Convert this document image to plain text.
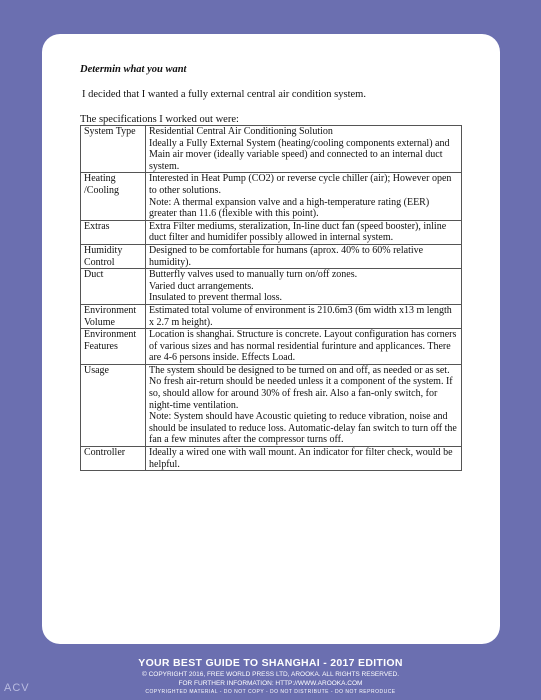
Determin what you want
I decided that I wanted a fully external central air condition system.
The specifications I worked out were:
System Type	Residential Central Air Conditioning Solution
Ideally a Fully External System (heating/cooling components external) and Main air mover (ideally variable speed) and connected to an internal duct system.

Heating /Cooling	Interested in Heat Pump (CO2) or reverse cycle chiller (air); However open to other solutions.
Note: A thermal expansion valve and a high-temperature rating (EER) greater than 11.6 (flexible with this point).

Extras	Extra Filter mediums, steralization, In-line duct fan (speed booster), inline duct filter and humidifer possibly allowed in internal system.

Humidity Control	Designed to be comfortable for humans (aprox. 40% to 60% relative humidity).

Duct	Butterfly valves used to manually turn on/off zones.
Varied duct arrangements.
Insulated to prevent thermal loss.

Environment Volume	Estimated total volume of environment is 210.6m3 (6m width x13 m length x 2.7 m height).

Environment Features	Location is shanghai. Structure is concrete. Layout configuration has corners of various sizes and has normal residential furinture and applicances. There are 4-6 persons inside. Effects Load.

Usage	The system should be designed to be turned on and off, as needed or as set. No fresh air-return should be needed unless it a component of the system. If so, should allow for around 30% of fresh air. Also a fan-only switch, for night-time ventilation.
Note: System should have Acoustic quieting to reduce vibration, noise and should be insulated to reduce loss. Automatic-delay fan switch to turn off the fan a few minutes after the compressor turns off.

Controller	Ideally a wired one with wall mount. An indicator for filter check, would be helpful.
YOUR BEST GUIDE TO SHANGHAI - 2017 EDITION
© COPYRIGHT 2016, FREE WORLD PRESS LTD, AROOKA. ALL RIGHTS RESERVED.
FOR FURTHER INFORMATION: HTTP://WWW.AROOKA.COM
COPYRIGHTED MATERIAL - DO NOT COPY - DO NOT DISTRIBUTE - DO NOT REPRODUCE
ACV
